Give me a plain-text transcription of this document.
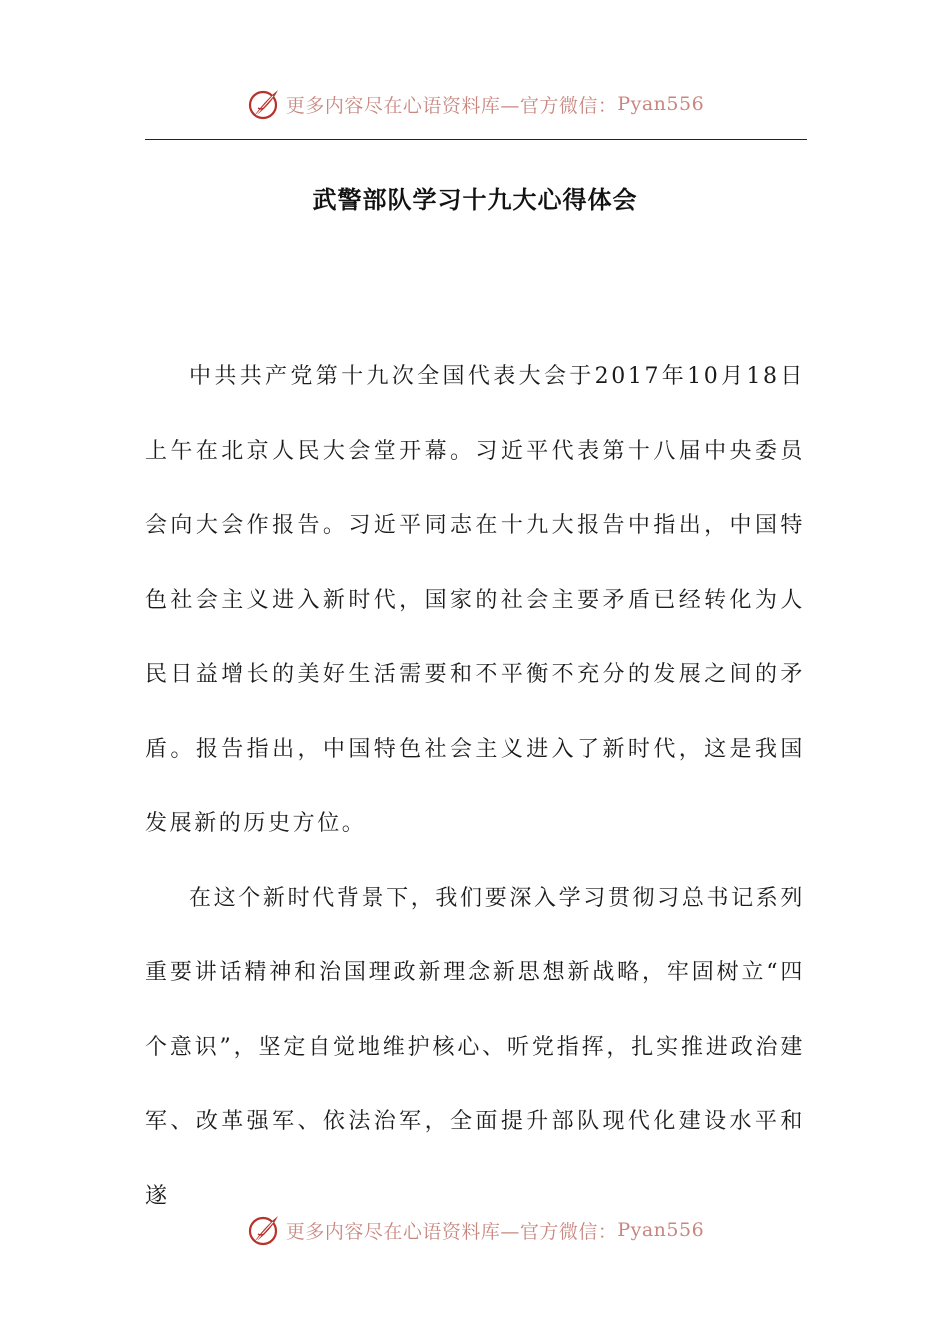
更多内容尽在心语资料库—官方微信： Pyan556
武警部队学习十九大心得体会

中共共产党第十九次全国代表大会于2017年10月18日上午在北京人民大会堂开幕。习近平代表第十八届中央委员会向大会作报告。习近平同志在十九大报告中指出，中国特色社会主义进入新时代，国家的社会主要矛盾已经转化为人民日益增长的美好生活需要和不平衡不充分的发展之间的矛盾。报告指出，中国特色社会主义进入了新时代，这是我国发展新的历史方位。

在这个新时代背景下，我们要深入学习贯彻习总书记系列重要讲话精神和治国理政新理念新思想新战略，牢固树立“四个意识”，坚定自觉地维护核心、听党指挥，扎实推进政治建军、改革强军、依法治军，全面提升部队现代化建设水平和遂

更多内容尽在心语资料库—官方微信： Pyan556
